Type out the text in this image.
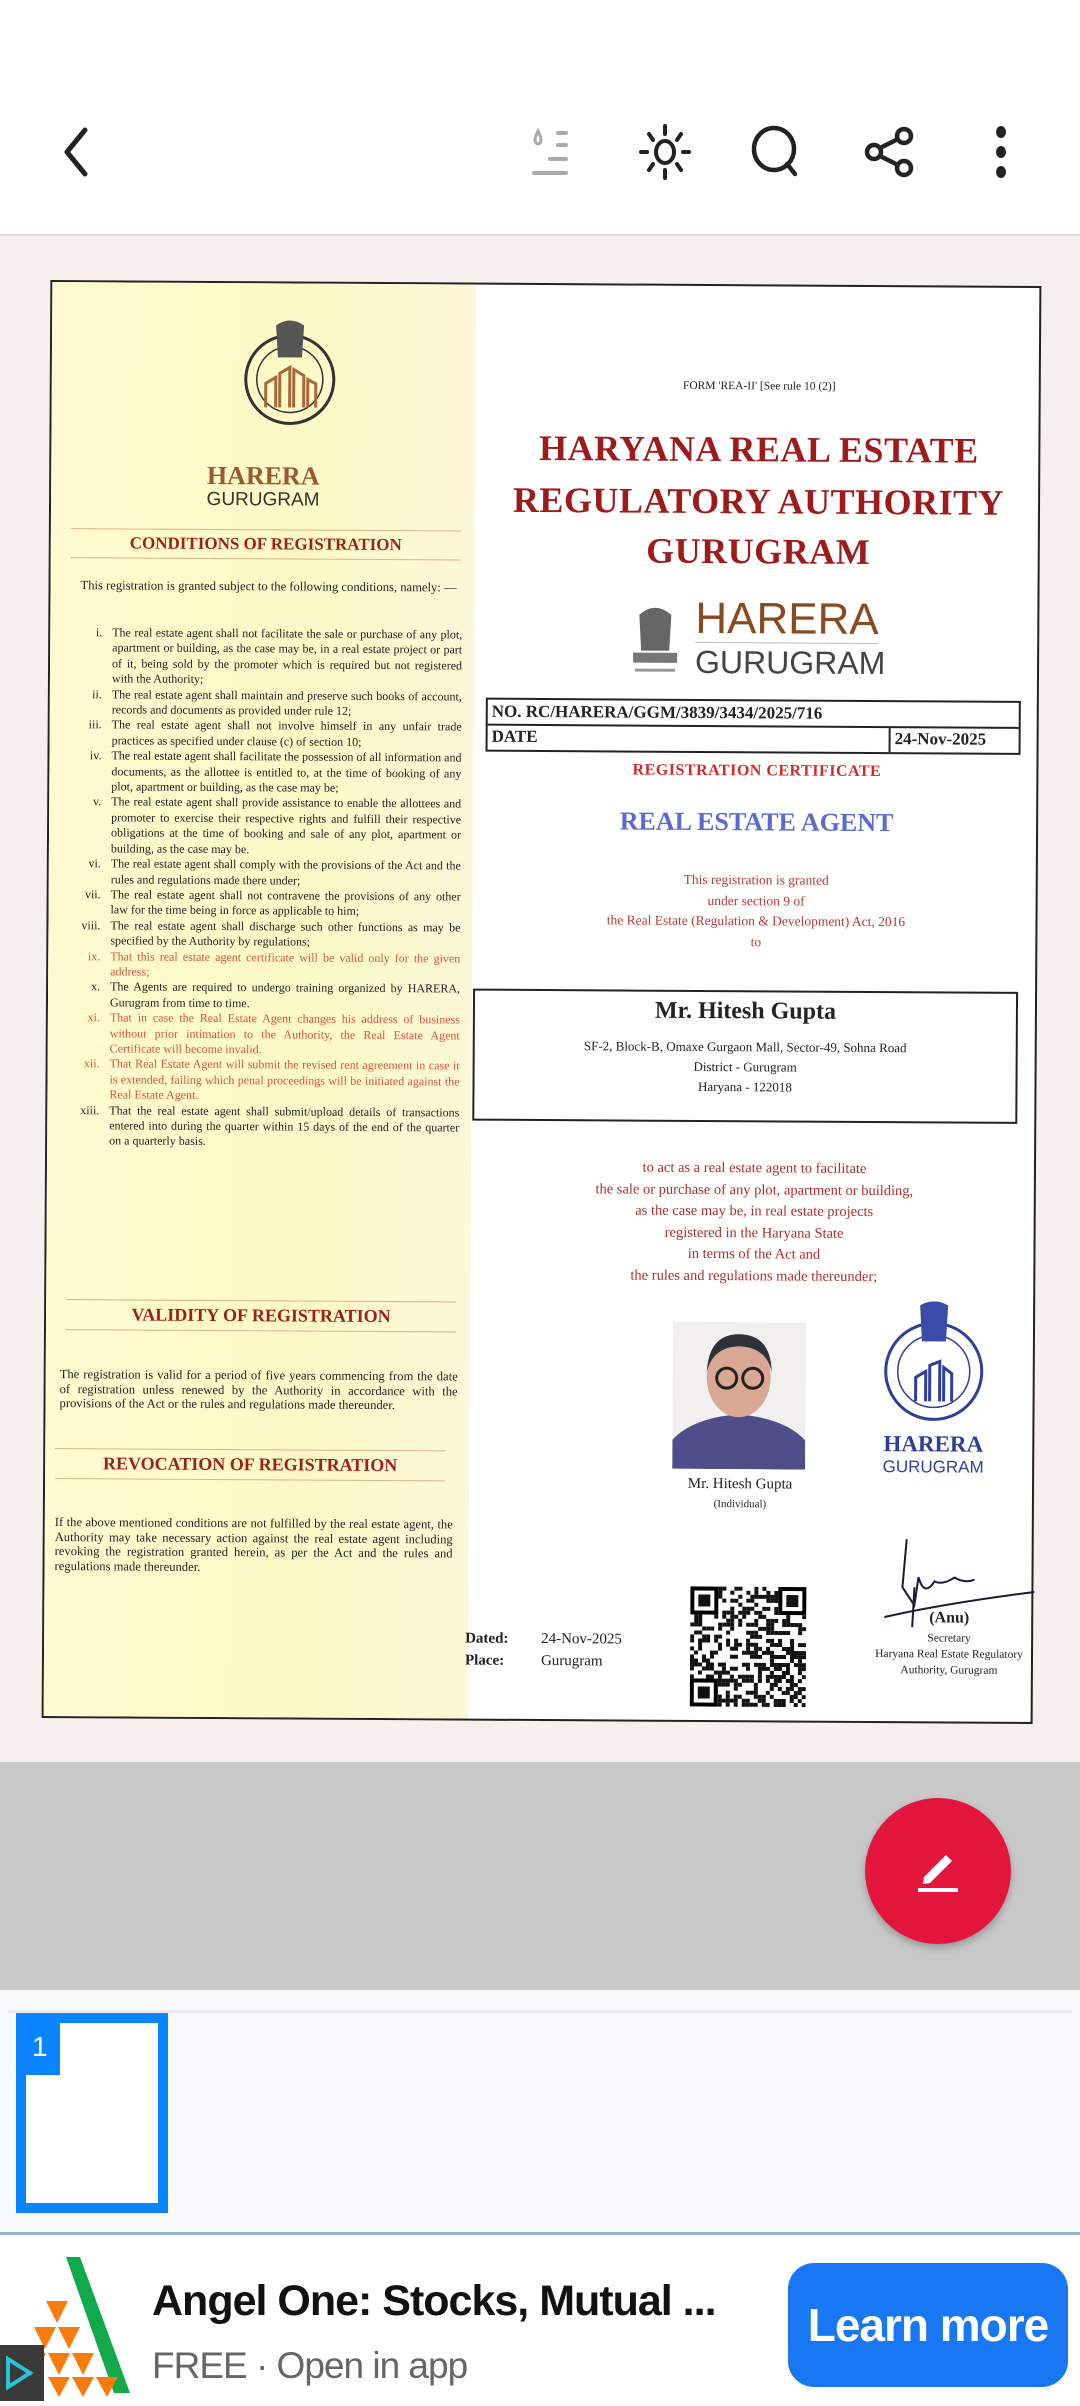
HARERA
GURUGRAM
CONDITIONS OF REGISTRATION
This registration is granted subject to the following conditions, namely: —
i. The real estate agent shall not facilitate the sale or purchase of any plot, apartment or building, as the case may be, in a real estate project or part of it, being sold by the promoter which is required but not registered with the Authority;
ii. The real estate agent shall maintain and preserve such books of account, records and documents as provided under rule 12;
iii. The real estate agent shall not involve himself in any unfair trade practices as specified under clause (c) of section 10;
iv. The real estate agent shall facilitate the possession of all information and documents, as the allottee is entitled to, at the time of booking of any plot, apartment or building, as the case may be;
v. The real estate agent shall provide assistance to enable the allottees and promoter to exercise their respective rights and fulfill their respective obligations at the time of booking and sale of any plot, apartment or building, as the case may be.
vi. The real estate agent shall comply with the provisions of the Act and the rules and regulations made there under;
vii. The real estate agent shall not contravene the provisions of any other law for the time being in force as applicable to him;
viii. The real estate agent shall discharge such other functions as may be specified by the Authority by regulations;
ix. That this real estate agent certificate will be valid only for the given address;
x. The Agents are required to undergo training organized by HARERA, Gurugram from time to time.
xi. That in case the Real Estate Agent changes his address of business without prior intimation to the Authority, the Real Estate Agent Certificate will become invalid.
xii. That Real Estate Agent will submit the revised rent agreement in case it is extended, failing which penal proceedings will be initiated against the Real Estate Agent.
xiii. That the real estate agent shall submit/upload details of transactions entered into during the quarter within 15 days of the end of the quarter on a quarterly basis.
VALIDITY OF REGISTRATION
The registration is valid for a period of five years commencing from the date of registration unless renewed by the Authority in accordance with the provisions of the Act or the rules and regulations made thereunder.
REVOCATION OF REGISTRATION
If the above mentioned conditions are not fulfilled by the real estate agent, the Authority may take necessary action against the real estate agent including revoking the registration granted herein, as per the Act and the rules and regulations made thereunder.
FORM 'REA-II' [See rule 10 (2)]
HARYANA REAL ESTATE
REGULATORY AUTHORITY
GURUGRAM
HARERA
GURUGRAM
NO. RC/HARERA/GGM/3839/3434/2025/716
DATE	24-Nov-2025
REGISTRATION CERTIFICATE
REAL ESTATE AGENT
This registration is granted
under section 9 of
the Real Estate (Regulation & Development) Act, 2016
to
Mr. Hitesh Gupta
SF-2, Block-B, Omaxe Gurgaon Mall, Sector-49, Sohna Road
District - Gurugram
Haryana - 122018
to act as a real estate agent to facilitate
the sale or purchase of any plot, apartment or building,
as the case may be, in real estate projects
registered in the Haryana State
in terms of the Act and
the rules and regulations made thereunder;
Mr. Hitesh Gupta
(Individual)
HARERA
GURUGRAM
(Anu)
Secretary
Haryana Real Estate Regulatory
Authority, Gurugram
Dated: 24-Nov-2025
Place: Gurugram
1
Angel One: Stocks, Mutual ...
FREE · Open in app
Learn more
